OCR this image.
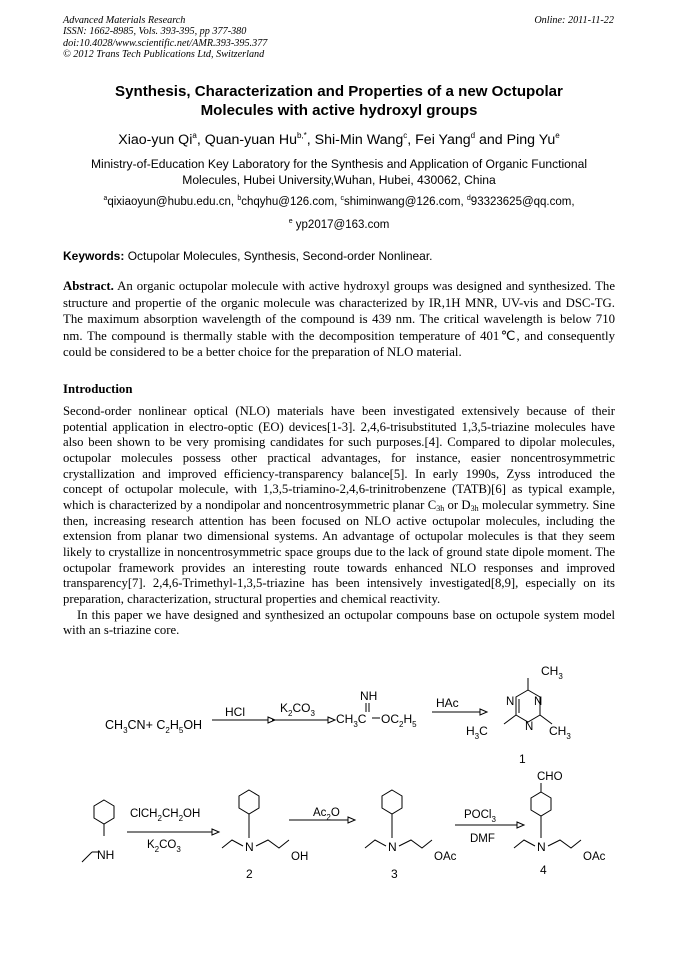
Advanced Materials Research
ISSN: 1662-8985, Vols. 393-395, pp 377-380
doi:10.4028/www.scientific.net/AMR.393-395.377
© 2012 Trans Tech Publications Ltd, Switzerland
Online: 2011-11-22
Synthesis, Characterization and Properties of a new Octupolar
Molecules with active hydroxyl groups
Xiao-yun Qi$^a$, Quan-yuan $Hu^{b,*}$, Shi-Min Wang$^c$, Fei Yang$^d$ and Ping Yu$^e$
Ministry-of-Education Key Laboratory for the Synthesis and Application of Organic Functional
Molecules, Hubei University,Wuhan, Hubei, 430062, China
$^a$qixiaoyun@hubu.edu.cn, $^b$chqyhu@126.com, $^c$shiminwang@126.com, $^d$93323625@qq.com,
$^e$ yp2017@163.com
Keywords: Octupolar Molecules, Synthesis, Second-order Nonlinear.
Abstract. An organic octupolar molecule with active hydroxyl groups was designed and synthesized. The structure and propertie of the organic molecule was characterized by IR,1H MNR, UV-vis and DSC-TG. The maximum absorption wavelength of the compound is 439 nm. The critical wavelength is below 710 nm. The compound is thermally stable with the decomposition temperature of 401℃, and consequently could be considered to be a better choice for the preparation of NLO material.
Introduction

Second-order nonlinear optical (NLO) materials have been investigated extensively because of their potential application in electro-optic (EO) devices[1-3]. 2,4,6-trisubstituted 1,3,5-triazine molecules have also been shown to be very promising candidates for such purposes.[4]. Compared to dipolar molecules, octupolar molecules possess other practical advantages, for instance, easier noncentrosymmetric crystallization and improved efficiency-transparency balance[5]. In early 1990s, Zyss introduced the concept of octupolar molecule, with 1,3,5-triamino-2,4,6-trinitrobenzene (TATB)[6] as typical example, which is characterized by a nondipolar and noncentrosymmetric planar $C_{3h}$ or $D_{3h}$ molecular symmetry. Sine then, increasing research attention has been focused on NLO active octupolar molecules, including the extension from planar two dimensional systems. An advantage of octupolar molecules is that they seem likely to crystallize in noncentrosymmetric space groups due to the lack of ground state dipole moment. The octupolar framework provides an interesting route towards enhanced NLO responses and improved transparency[7]. 2,4,6-Trimethyl-1,3,5-triazine has been intensively investigated[8,9], especially on its preparation, characterization, structural properties and chemical reactivity.

In this paper we have designed and synthesized an octupolar compouns base on octupole system model with an s-triazine core.

$CH_3CN+ C_2H_5OH$
HCl	$K_2CO_3$
NH
$CH_3C$ $OC_2H_5$
HAc
$CH_3$
N N
N
$H_3C$	$CH_3$
1
NH
$ClCH_2CH_2OH$
$K_2CO_3$	N
OH
2
$Ac_2O$
N
OAc
3
POCl$_3$
DMF
CHO
N
OAc
4
